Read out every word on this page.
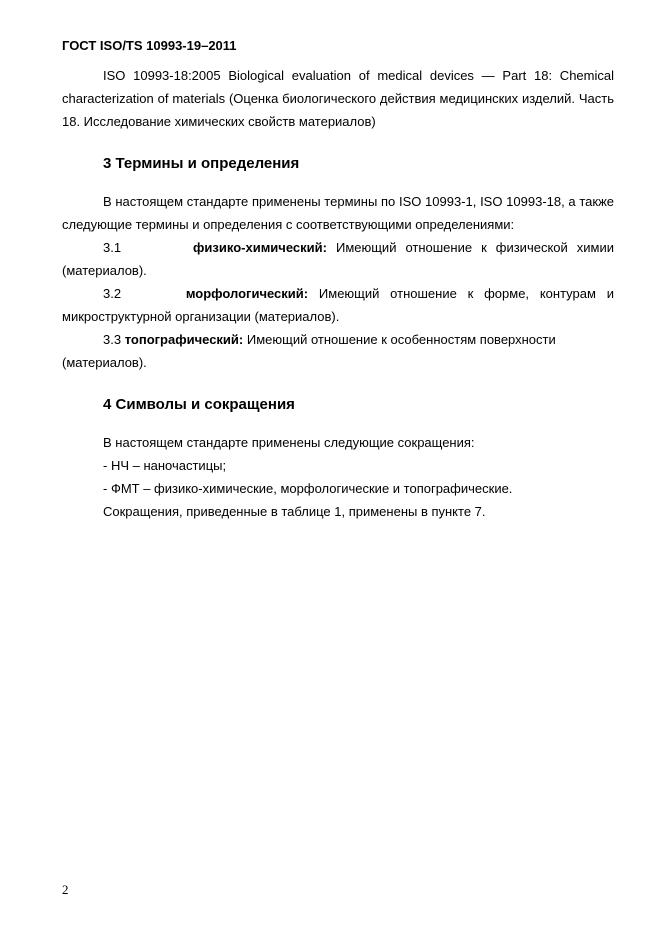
ГОСТ ISO/TS 10993-19–2011

ISO 10993-18:2005 Biological evaluation of medical devices — Part 18: Chemical characterization of materials (Оценка биологического действия медицинских изделий. Часть 18. Исследование химических свойств материалов)

3 Термины и определения

В настоящем стандарте применены термины по ISO 10993-1, ISO 10993-18, а также следующие термины и определения с соответствующими определениями:

3.1	физико-химический: Имеющий отношение к физической химии (материалов).

3.2	морфологический: Имеющий отношение к форме, контурам и микроструктурной организации (материалов).

3.3 топографический: Имеющий отношение к особенностям поверхности (материалов).

4 Символы и сокращения

В настоящем стандарте применены следующие сокращения:

- НЧ – наночастицы;

- ФМТ – физико-химические, морфологические и топографические.

Сокращения, приведенные в таблице 1, применены в пункте 7.

2
